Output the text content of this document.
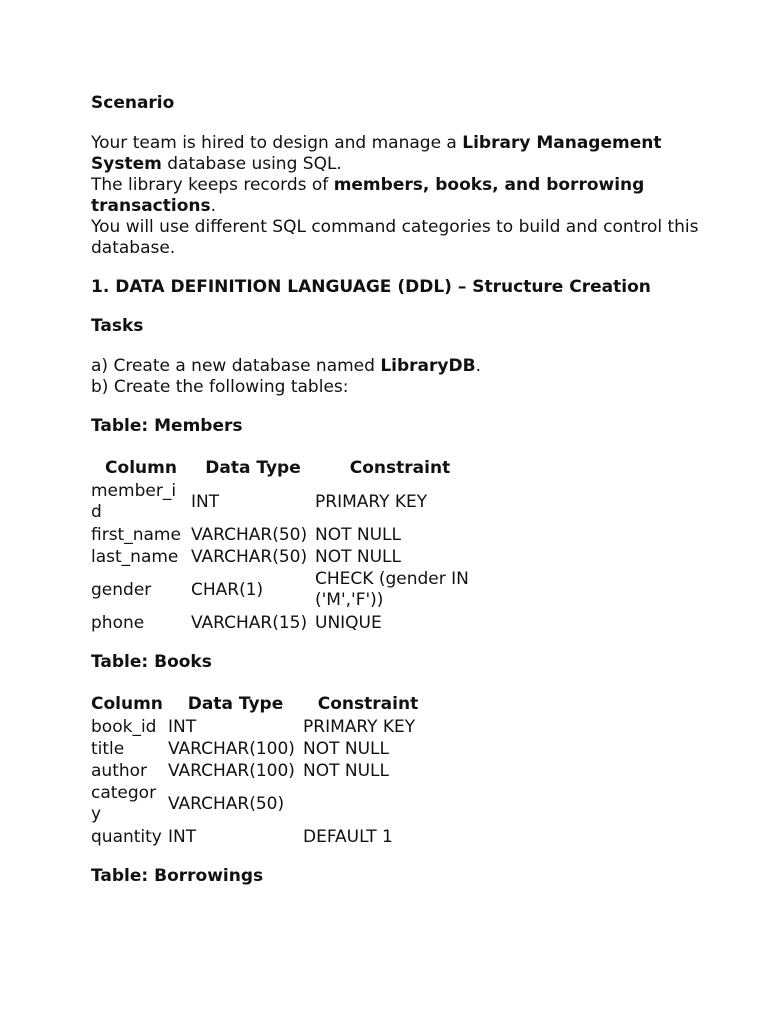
Scenario

Your team is hired to design and manage a Library Management System database using SQL.

The library keeps records of members, books, and borrowing transactions.

You will use different SQL command categories to build and control this database.

1. DATA DEFINITION LANGUAGE (DDL) – Structure Creation

Tasks

a) Create a new database named LibraryDB.

b) Create the following tables:

Table: Members

Column	Data Type	Constraint
member_i d	INT	PRIMARY KEY
first_name	VARCHAR(50)	NOT NULL
last_name	VARCHAR(50)	NOT NULL
gender	CHAR(1)	CHECK (gender IN ('M','F'))
phone	VARCHAR(15)	UNIQUE

Table: Books

Column	Data Type	Constraint
book_id	INT	PRIMARY KEY
title	VARCHAR(100)	NOT NULL
author	VARCHAR(100)	NOT NULL
categor y	VARCHAR(50)	
quantity	INT	DEFAULT 1

Table: Borrowings
